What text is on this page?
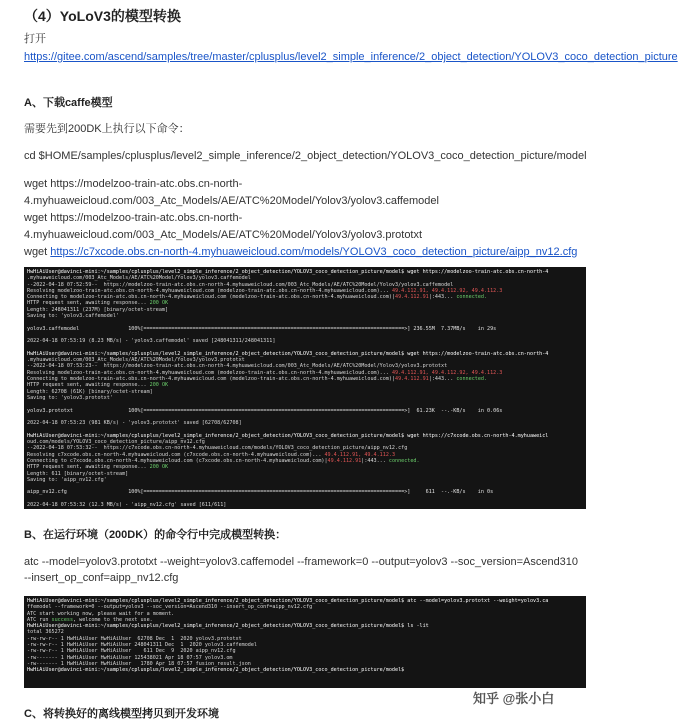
（4）YoLoV3的模型转换
打开
https://gitee.com/ascend/samples/tree/master/cplusplus/level2_simple_inference/2_object_detection/YOLOV3_coco_detection_picture
A、下载caffe模型
需要先到200DK上执行以下命令：
cd $HOME/samples/cplusplus/level2_simple_inference/2_object_detection/YOLOV3_coco_detection_picture/model
wget https://modelzoo-train-atc.obs.cn-north-
4.myhuaweicloud.com/003_Atc_Models/AE/ATC%20Model/Yolov3/yolov3.caffemodel
wget https://modelzoo-train-atc.obs.cn-north-
4.myhuaweicloud.com/003_Atc_Models/AE/ATC%20Model/Yolov3/yolov3.prototxt
wget https://c7xcode.obs.cn-north-4.myhuaweicloud.com/models/YOLOV3_coco_detection_picture/aipp_nv12.cfg
HwHiAiUser@davinci-mini:~/samples/cplusplus/level2_simple_inference/2_object_detection/YOLOV3_coco_detection_picture/model$ wget https://modelzoo-train-atc.obs.cn-north-4
.myhuaweicloud.com/003_Atc_Models/AE/ATC%20Model/Yolov3/yolov3.caffemodel
--2022-04-18 07:52:59--  https://modelzoo-train-atc.obs.cn-north-4.myhuaweicloud.com/003_Atc_Models/AE/ATC%20Model/Yolov3/yolov3.caffemodel
Resolving modelzoo-train-atc.obs.cn-north-4.myhuaweicloud.com (modelzoo-train-atc.obs.cn-north-4.myhuaweicloud.com)... 49.4.112.91, 49.4.112.92, 49.4.112.3
Connecting to modelzoo-train-atc.obs.cn-north-4.myhuaweicloud.com (modelzoo-train-atc.obs.cn-north-4.myhuaweicloud.com)|49.4.112.91|:443... connected.
HTTP request sent, awaiting response... 200 OK
Length: 248041311 (237M) [binary/octet-stream]
Saving to: 'yolov3.caffemodel'

yolov3.caffemodel                100%[=====================================================================================>] 236.55M  7.37MB/s    in 29s

2022-04-18 07:53:19 (8.23 MB/s) - 'yolov3.caffemodel' saved [248041311/248041311]

HwHiAiUser@davinci-mini:~/samples/cplusplus/level2_simple_inference/2_object_detection/YOLOV3_coco_detection_picture/model$ wget https://modelzoo-train-atc.obs.cn-north-4
.myhuaweicloud.com/003_Atc_Models/AE/ATC%20Model/Yolov3/yolov3.prototxt
--2022-04-18 07:53:23--  https://modelzoo-train-atc.obs.cn-north-4.myhuaweicloud.com/003_Atc_Models/AE/ATC%20Model/Yolov3/yolov3.prototxt
Resolving modelzoo-train-atc.obs.cn-north-4.myhuaweicloud.com (modelzoo-train-atc.obs.cn-north-4.myhuaweicloud.com)... 49.4.112.91, 49.4.112.92, 49.4.112.3
Connecting to modelzoo-train-atc.obs.cn-north-4.myhuaweicloud.com (modelzoo-train-atc.obs.cn-north-4.myhuaweicloud.com)|49.4.112.91|:443... connected.
HTTP request sent, awaiting response... 200 OK
Length: 62708 (61K) [binary/octet-stream]
Saving to: 'yolov3.prototxt'

yolov3.prototxt                  100%[=====================================================================================>]  61.23K  --.-KB/s    in 0.06s

2022-04-18 07:53:23 (981 KB/s) - 'yolov3.prototxt' saved [62708/62708]

HwHiAiUser@davinci-mini:~/samples/cplusplus/level2_simple_inference/2_object_detection/YOLOV3_coco_detection_picture/model$ wget https://c7xcode.obs.cn-north-4.myhuaweicl
oud.com/models/YOLOV3_coco_detection_picture/aipp_nv12.cfg
--2022-04-18 07:53:32--  https://c7xcode.obs.cn-north-4.myhuaweicloud.com/models/YOLOV3_coco_detection_picture/aipp_nv12.cfg
Resolving c7xcode.obs.cn-north-4.myhuaweicloud.com (c7xcode.obs.cn-north-4.myhuaweicloud.com)... 49.4.112.91, 49.4.112.3
Connecting to c7xcode.obs.cn-north-4.myhuaweicloud.com (c7xcode.obs.cn-north-4.myhuaweicloud.com)|49.4.112.91|:443... connected.
HTTP request sent, awaiting response... 200 OK
Length: 611 [binary/octet-stream]
Saving to: 'aipp_nv12.cfg'

aipp_nv12.cfg                    100%[=====================================================================================>]     611  --.-KB/s    in 0s

2022-04-18 07:53:32 (12.3 MB/s) - 'aipp_nv12.cfg' saved [611/611]
B、在运行环境（200DK）的命令行中完成模型转换：
atc --model=yolov3.prototxt --weight=yolov3.caffemodel --framework=0 --output=yolov3 --soc_version=Ascend310 --insert_op_conf=aipp_nv12.cfg
HwHiAiUser@davinci-mini:~/samples/cplusplus/level2_simple_inference/2_object_detection/YOLOV3_coco_detection_picture/model$ atc --model=yolov3.prototxt --weight=yolov3.ca
ffemodel --framework=0 --output=yolov3 --soc_version=Ascend310 --insert_op_conf=aipp_nv12.cfg
ATC start working now, please wait for a moment.
ATC run success, welcome to the next use.
HwHiAiUser@davinci-mini:~/samples/cplusplus/level2_simple_inference/2_object_detection/YOLOV3_coco_detection_picture/model$ ls -lit
total 365272
-rw-rw-r-- 1 HwHiAiUser HwHiAiUser  62708 Dec  1  2020 yolov3.prototxt
-rw-rw-r-- 1 HwHiAiUser HwHiAiUser 248041311 Dec  1  2020 yolov3.caffemodel
-rw-rw-r-- 1 HwHiAiUser HwHiAiUser    611 Dec  9  2020 aipp_nv12.cfg
-rw------- 1 HwHiAiUser HwHiAiUser 125438021 Apr 18 07:57 yolov3.om
-rw------- 1 HwHiAiUser HwHiAiUser   1780 Apr 18 07:57 fusion_result.json
HwHiAiUser@davinci-mini:~/samples/cplusplus/level2_simple_inference/2_object_detection/YOLOV3_coco_detection_picture/model$
知乎 @张小白
C、将转换好的离线模型拷贝到开发环境
